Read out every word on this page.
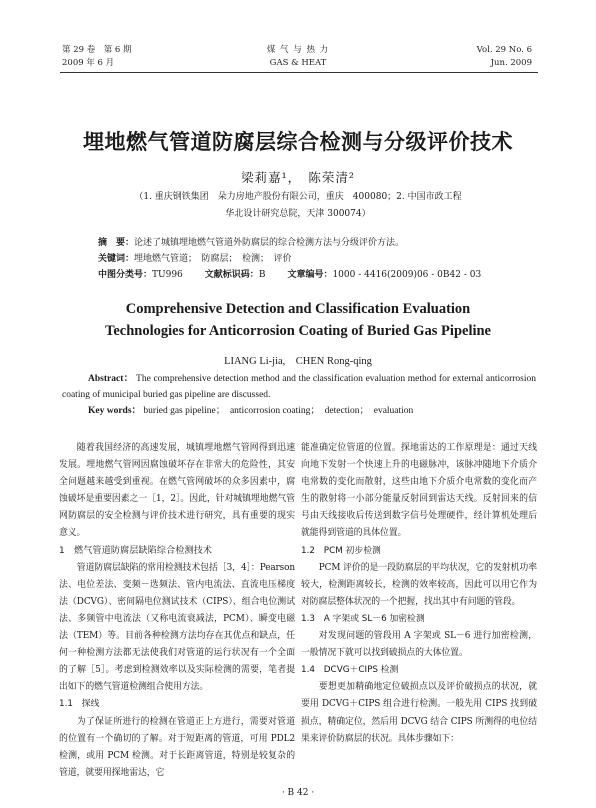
第 29 卷　第 6 期
2009 年 6 月
煤 气 与 热 力
GAS & HEAT
Vol. 29 No. 6
Jun. 2009
埋地燃气管道防腐层综合检测与分级评价技术
梁莉嘉¹，　陈荣清²
（1. 重庆钢铁集团　朵力房地产股份有限公司，重庆　400080；2. 中国市政工程
华北设计研究总院，天津 300074）
摘　要：论述了城镇埋地燃气管道外防腐层的综合检测方法与分级评价方法。
关键词：埋地燃气管道；　防腐层；　检测；　评价
中图分类号：TU996 文献标识码：B 文章编号：1000 - 4416(2009)06 - 0B42 - 03
Comprehensive Detection and Classification Evaluation
Technologies for Anticorrosion Coating of Buried Gas Pipeline
LIANG Li-jia,　CHEN Rong-qing
Abstract： The comprehensive detection method and the classification evaluation method for external anticorrosion coating of municipal buried gas pipeline are discussed.
Key words： buried gas pipeline；　anticorrosion coating；　detection；　evaluation

随着我国经济的高速发展，城镇埋地燃气管网得到迅速发展。埋地燃气管网因腐蚀破坏存在非常大的危险性，其安全问题越来越受到重视。在燃气管网破坏的众多因素中，腐蚀破坏是重要因素之一［1，2］。因此，针对城镇埋地燃气管网防腐层的安全检测与评价技术进行研究，具有重要的现实意义。

1　燃气管道防腐层缺陷综合检测技术

管道防腐层缺陷的常用检测技术包括［3，4］：Pearson 法、电位差法、变频－选频法、管内电流法、直流电压梯度法（DCVG）、密间隔电位测试技术（CIPS）、组合电位测试法、多频管中电流法（又称电流衰减法，PCM）、瞬变电磁法（TEM）等。目前各种检测方法均存在其优点和缺点，任何一种检测方法都无法使我们对管道的运行状况有一个全面的了解［5］。考虑到检测效率以及实际检测的需要，笔者提出如下的燃气管道检测组合使用方法。

1.1　探线

为了保证所进行的检测在管道正上方进行，需要对管道的位置有一个确切的了解。对于短距离的管道，可用 PDL2 检测，或用 PCM 检测。对于长距离管道，特别是较复杂的管道，就要用探地雷达，它

能准确定位管道的位置。探地雷达的工作原理是：通过天线向地下发射一个快速上升的电磁脉冲，该脉冲随地下介质介电常数的变化而散射，这些由地下介质介电常数的变化而产生的散射将一小部分能量反射回到雷达天线。反射回来的信号由天线接收后传送到数字信号处理硬件，经计算机处理后就能得到管道的具体位置。

1.2　PCM 初步检测

PCM 评价的是一段防腐层的平均状况，它的发射机功率较大，检测距离较长，检测的效率较高，因此可以用它作为对防腐层整体状况的一个把握，找出其中有问题的管段。

1.3　A 字架或 SL－6 加密检测

对发现问题的管段用 A 字架或 SL－6 进行加密检测，一般情况下就可以找到破损点的大体位置。

1.4　DCVG＋CIPS 检测

要想更加精确地定位破损点以及评价破损点的状况，就要用 DCVG＋CIPS 组合进行检测。一般先用 CIPS 找到破损点，精确定位，然后用 DCVG 结合 CIPS 所测得的电位结果来评价防腐层的状况。具体步骤如下：

· B 42 ·
